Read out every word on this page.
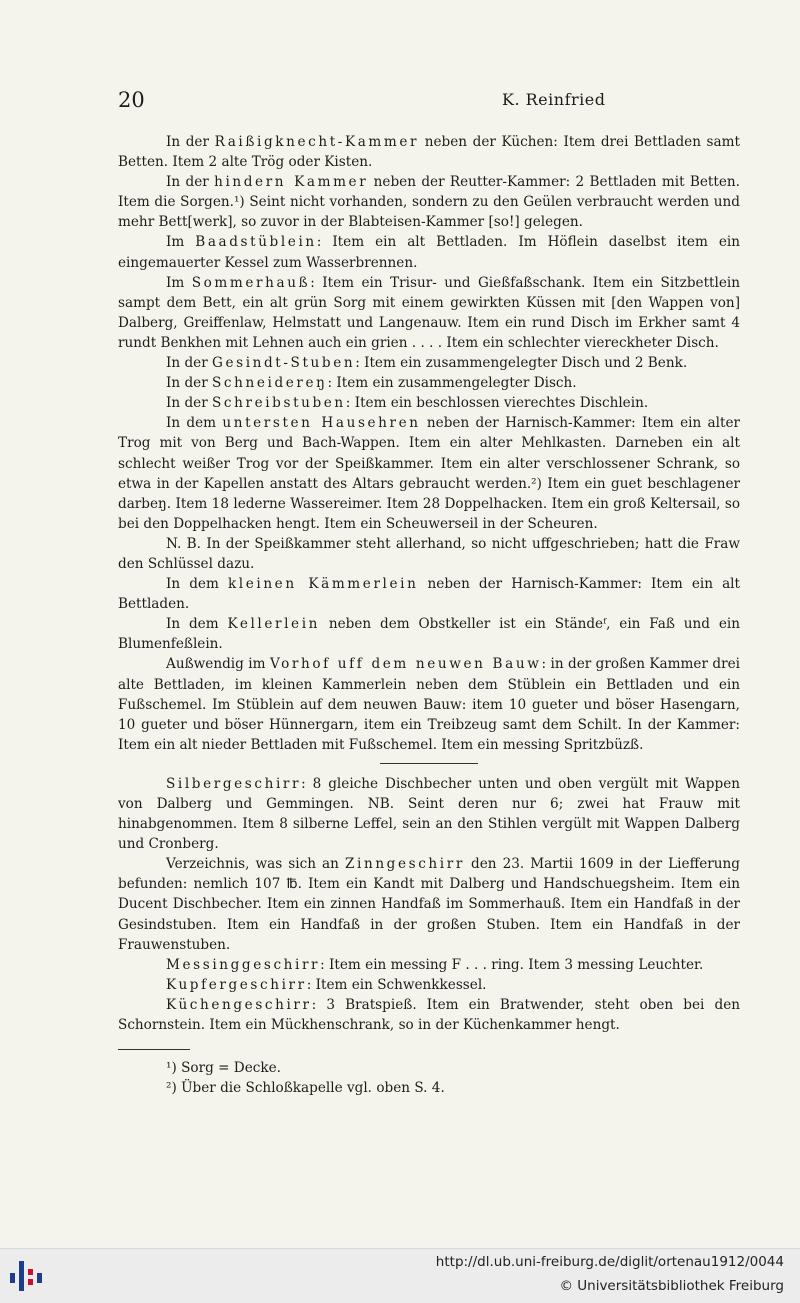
20	K. Reinfried

In der Raißigknecht-Kammer neben der Küchen: Item drei Bettladen samt Betten. Item 2 alte Trög oder Kisten.

In der hindern Kammer neben der Reutter-Kammer: 2 Bettladen mit Betten. Item die Sorgen.¹) Seint nicht vorhanden, sondern zu den Geülen verbraucht werden und mehr Bett[werk], so zuvor in der Blabteisen-Kammer [so!] gelegen.

Im Baadstüblein: Item ein alt Bettladen. Im Höflein daselbst item ein eingemauerter Kessel zum Wasserbrennen.

Im Sommerhauß: Item ein Trisur- und Gießfaßschank. Item ein Sitzbettlein sampt dem Bett, ein alt grün Sorg mit einem gewirkten Küssen mit [den Wappen von] Dalberg, Greiffenlaw, Helmstatt und Langenauw. Item ein rund Disch im Erkher samt 4 rundt Benkhen mit Lehnen auch ein grien . . . . Item ein schlechter viereckheter Disch.

In der Gesindt-Stuben: Item ein zusammengelegter Disch und 2 Benk.

In der Schneidereŋ: Item ein zusammengelegter Disch.

In der Schreibstuben: Item ein beschlossen vierechtes Dischlein.

In dem untersten Hausehren neben der Harnisch-Kammer: Item ein alter Trog mit von Berg und Bach-Wappen. Item ein alter Mehlkasten. Darneben ein alt schlecht weißer Trog vor der Speißkammer. Item ein alter verschlossener Schrank, so etwa in der Kapellen anstatt des Altars gebraucht werden.²) Item ein guet beschlagener darbeŋ. Item 18 lederne Wassereimer. Item 28 Doppelhacken. Item ein groß Keltersail, so bei den Doppelhacken hengt. Item ein Scheuwerseil in der Scheuren.

N. B. In der Speißkammer steht allerhand, so nicht uffgeschrieben; hatt die Fraw den Schlüssel dazu.

In dem kleinen Kämmerlein neben der Harnisch-Kammer: Item ein alt Bettladen.

In dem Kellerlein neben dem Obstkeller ist ein Ständeᶠ, ein Faß und ein Blumenfeßlein.

Außwendig im Vorhof uff dem neuwen Bauw: in der großen Kammer drei alte Bettladen, im kleinen Kammerlein neben dem Stüblein ein Bettladen und ein Fußschemel. Im Stüblein auf dem neuwen Bauw: item 10 gueter und böser Hasengarn, 10 gueter und böser Hünnergarn, item ein Treibzeug samt dem Schilt. In der Kammer: Item ein alt nieder Bettladen mit Fußschemel. Item ein messing Spritzbüzß.

Silbergeschirr: 8 gleiche Dischbecher unten und oben vergült mit Wappen von Dalberg und Gemmingen. NB. Seint deren nur 6; zwei hat Frauw mit hinabgenommen. Item 8 silberne Leffel, sein an den Stihlen vergült mit Wappen Dalberg und Cronberg.

Verzeichnis, was sich an Zinngeschirr den 23. Martii 1609 in der Liefferung befunden: nemlich 107 ℔. Item ein Kandt mit Dalberg und Handschuegsheim. Item ein Ducent Dischbecher. Item ein zinnen Handfaß im Sommerhauß. Item ein Handfaß in der Gesindstuben. Item ein Handfaß in der großen Stuben. Item ein Handfaß in der Frauwenstuben.

Messinggeschirr: Item ein messing F . . . ring. Item 3 messing Leuchter.

Kupfergeschirr: Item ein Schwenkkessel.

Küchengeschirr: 3 Bratspieß. Item ein Bratwender, steht oben bei den Schornstein. Item ein Mückhenschrank, so in der Küchenkammer hengt.

¹) Sorg = Decke.

²) Über die Schloßkapelle vgl. oben S. 4.

http://dl.ub.uni-freiburg.de/diglit/ortenau1912/0044
© Universitätsbibliothek Freiburg
